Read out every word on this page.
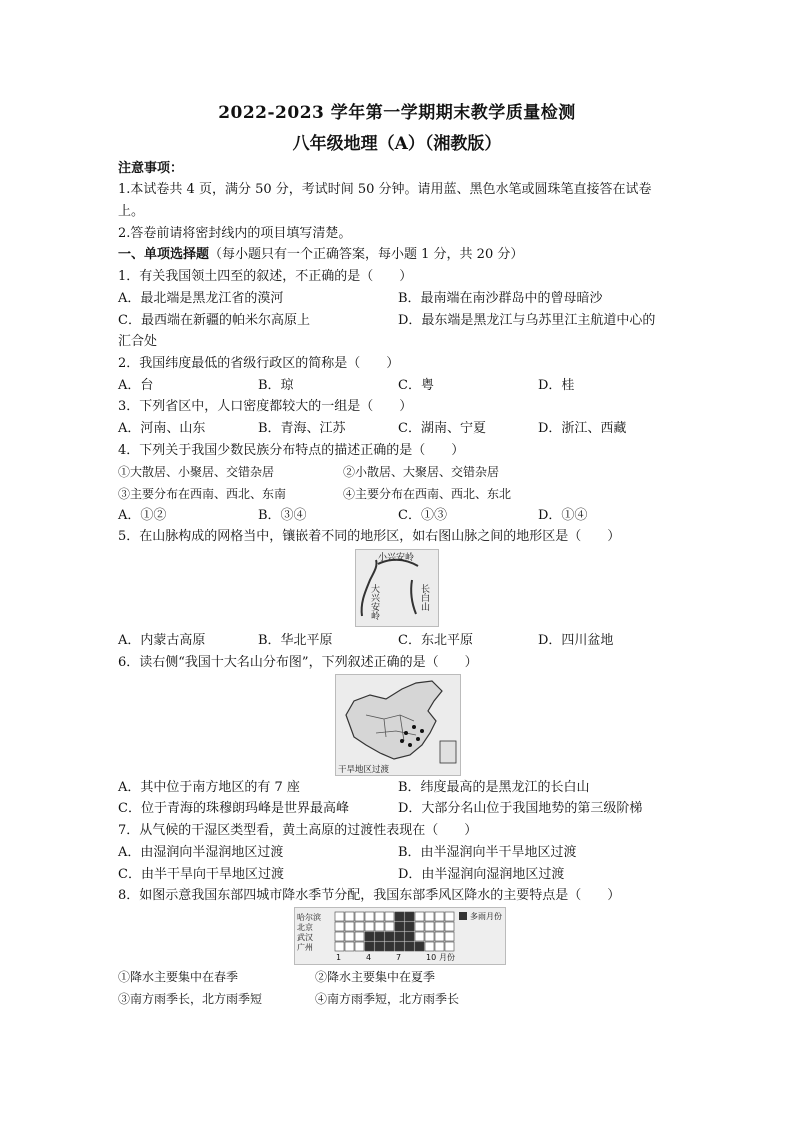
2022-2023 学年第一学期期末教学质量检测
八年级地理（A）（湘教版）
注意事项：
1.本试卷共 4 页，满分 50 分，考试时间 50 分钟。请用蓝、黑色水笔或圆珠笔直接答在试卷
上。
2.答卷前请将密封线内的项目填写清楚。
一、单项选择题（每小题只有一个正确答案，每小题 1 分，共 20 分）
1．有关我国领土四至的叙述，不正确的是（　　）
A．最北端是黑龙江省的漠河	B．最南端在南沙群岛中的曾母暗沙
C．最西端在新疆的帕米尔高原上	D．最东端是黑龙江与乌苏里江主航道中心的
汇合处
2．我国纬度最低的省级行政区的简称是（　　）
A．台	B．琼	C．粤	D．桂
3．下列省区中，人口密度都较大的一组是（　　）
A．河南、山东	B．青海、江苏	C．湖南、宁夏	D．浙江、西藏
4．下列关于我国少数民族分布特点的描述正确的是（　　）
①大散居、小聚居、交错杂居	②小散居、大聚居、交错杂居
③主要分布在西南、西北、东南	④主要分布在西南、西北、东北
A．①②	B．③④	C．①③	D．①④
5．在山脉构成的网格当中，镶嵌着不同的地形区，如右图山脉之间的地形区是（　　）
小兴安岭
大兴安岭	长白山
A．内蒙古高原	B．华北平原	C．东北平原	D．四川盆地
6．读右侧“我国十大名山分布图”，下列叙述正确的是（　　）
干旱地区过渡
A．其中位于南方地区的有 7 座	B．纬度最高的是黑龙江的长白山
C．位于青海的珠穆朗玛峰是世界最高峰	D．大部分名山位于我国地势的第三级阶梯
7．从气候的干湿区类型看，黄土高原的过渡性表现在（　　）
A．由湿润向半湿润地区过渡	B．由半湿润向半干旱地区过渡
C．由半干旱向干旱地区过渡	D．由半湿润向湿润地区过渡
8．如图示意我国东部四城市降水季节分配，我国东部季风区降水的主要特点是（　　）
哈尔滨
北京
武汉
广州
1	4	7	10 月份
多雨月份
①降水主要集中在春季	②降水主要集中在夏季
③南方雨季长，北方雨季短	④南方雨季短，北方雨季长
